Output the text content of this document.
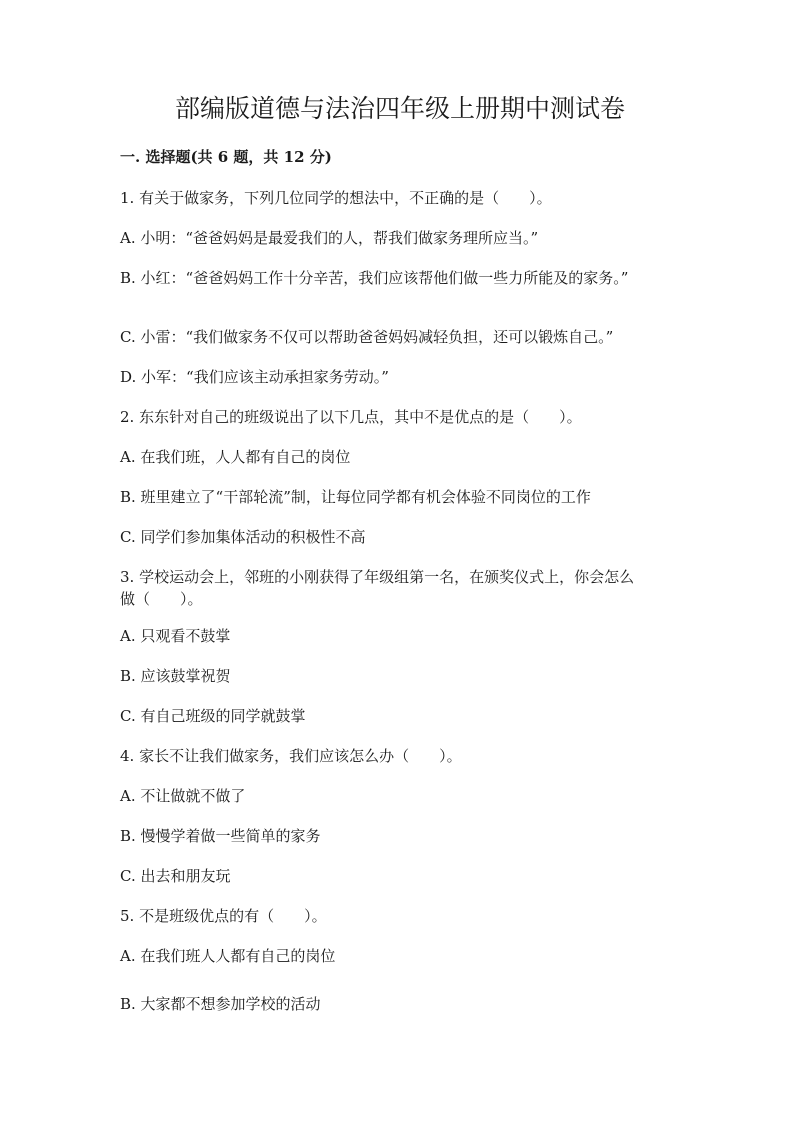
部编版道德与法治四年级上册期中测试卷
一. 选择题(共 6 题，共 12 分)
1. 有关于做家务，下列几位同学的想法中，不正确的是（　　）。
A. 小明：“爸爸妈妈是最爱我们的人，帮我们做家务理所应当。”
B. 小红：“爸爸妈妈工作十分辛苦，我们应该帮他们做一些力所能及的家务。”
C. 小雷：“我们做家务不仅可以帮助爸爸妈妈减轻负担，还可以锻炼自己。”
D. 小军：“我们应该主动承担家务劳动。”
2. 东东针对自己的班级说出了以下几点，其中不是优点的是（　　）。
A. 在我们班，人人都有自己的岗位
B. 班里建立了“干部轮流”制，让每位同学都有机会体验不同岗位的工作
C. 同学们参加集体活动的积极性不高
3. 学校运动会上，邻班的小刚获得了年级组第一名，在颁奖仪式上，你会怎么做（　　）。
A. 只观看不鼓掌
B. 应该鼓掌祝贺
C. 有自己班级的同学就鼓掌
4. 家长不让我们做家务，我们应该怎么办（　　）。
A. 不让做就不做了
B. 慢慢学着做一些简单的家务
C. 出去和朋友玩
5. 不是班级优点的有（　　）。
A. 在我们班人人都有自己的岗位
B. 大家都不想参加学校的活动
